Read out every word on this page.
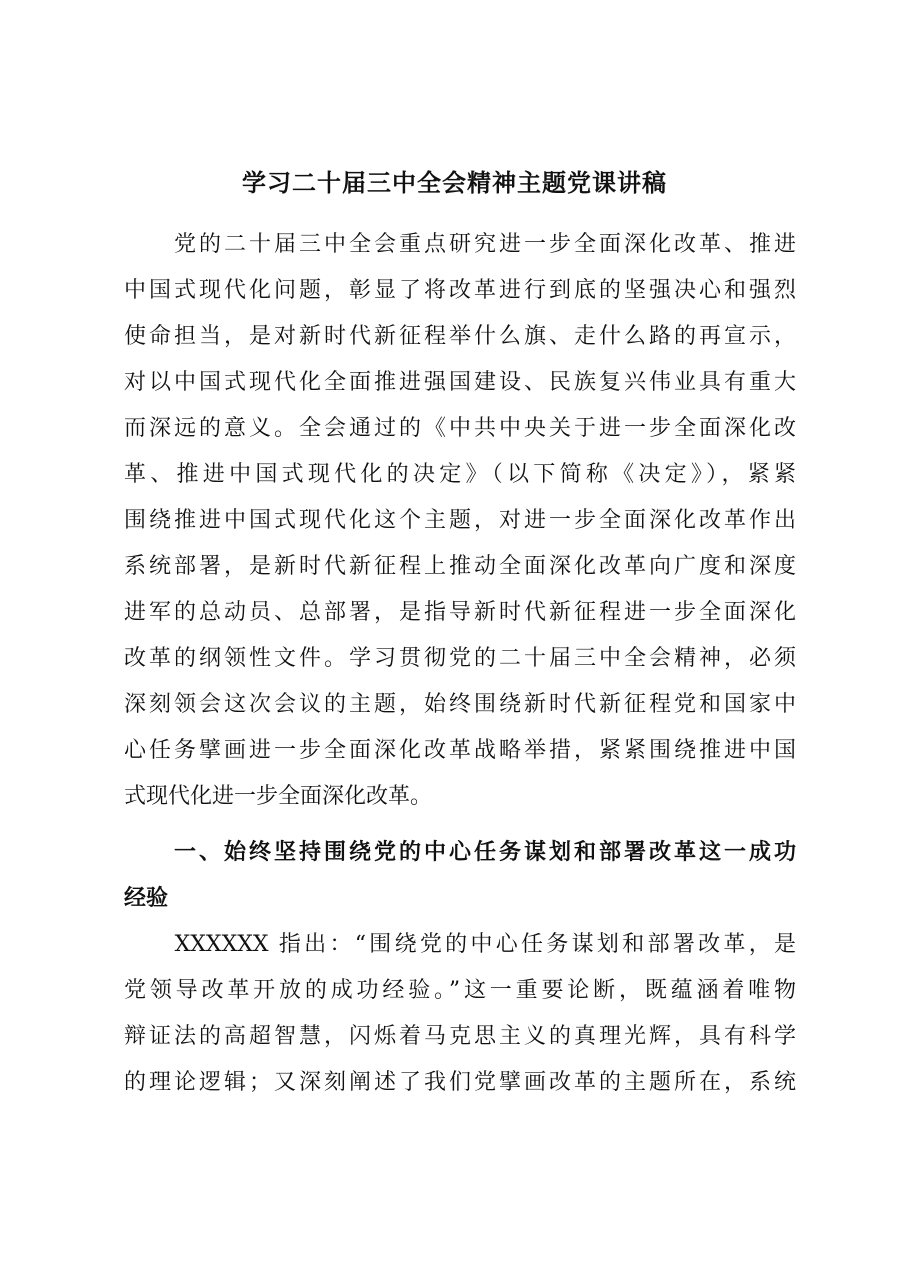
学习二十届三中全会精神主题党课讲稿

　　党的二十届三中全会重点研究进一步全面深化改革、推进
中国式现代化问题，彰显了将改革进行到底的坚强决心和强烈
使命担当，是对新时代新征程举什么旗、走什么路的再宣示，
对以中国式现代化全面推进强国建设、民族复兴伟业具有重大
而深远的意义。全会通过的《中共中央关于进一步全面深化改
革、推进中国式现代化的决定》（以下简称《决定》），紧紧
围绕推进中国式现代化这个主题，对进一步全面深化改革作出
系统部署，是新时代新征程上推动全面深化改革向广度和深度
进军的总动员、总部署，是指导新时代新征程进一步全面深化
改革的纲领性文件。学习贯彻党的二十届三中全会精神，必须
深刻领会这次会议的主题，始终围绕新时代新征程党和国家中
心任务擘画进一步全面深化改革战略举措，紧紧围绕推进中国
式现代化进一步全面深化改革。

　　一、始终坚持围绕党的中心任务谋划和部署改革这一成功
经验

　　XXXXXX 指出：“围绕党的中心任务谋划和部署改革，是
党领导改革开放的成功经验。”这一重要论断，既蕴涵着唯物
辩证法的高超智慧，闪烁着马克思主义的真理光辉，具有科学
的理论逻辑；又深刻阐述了我们党擘画改革的主题所在，系统
